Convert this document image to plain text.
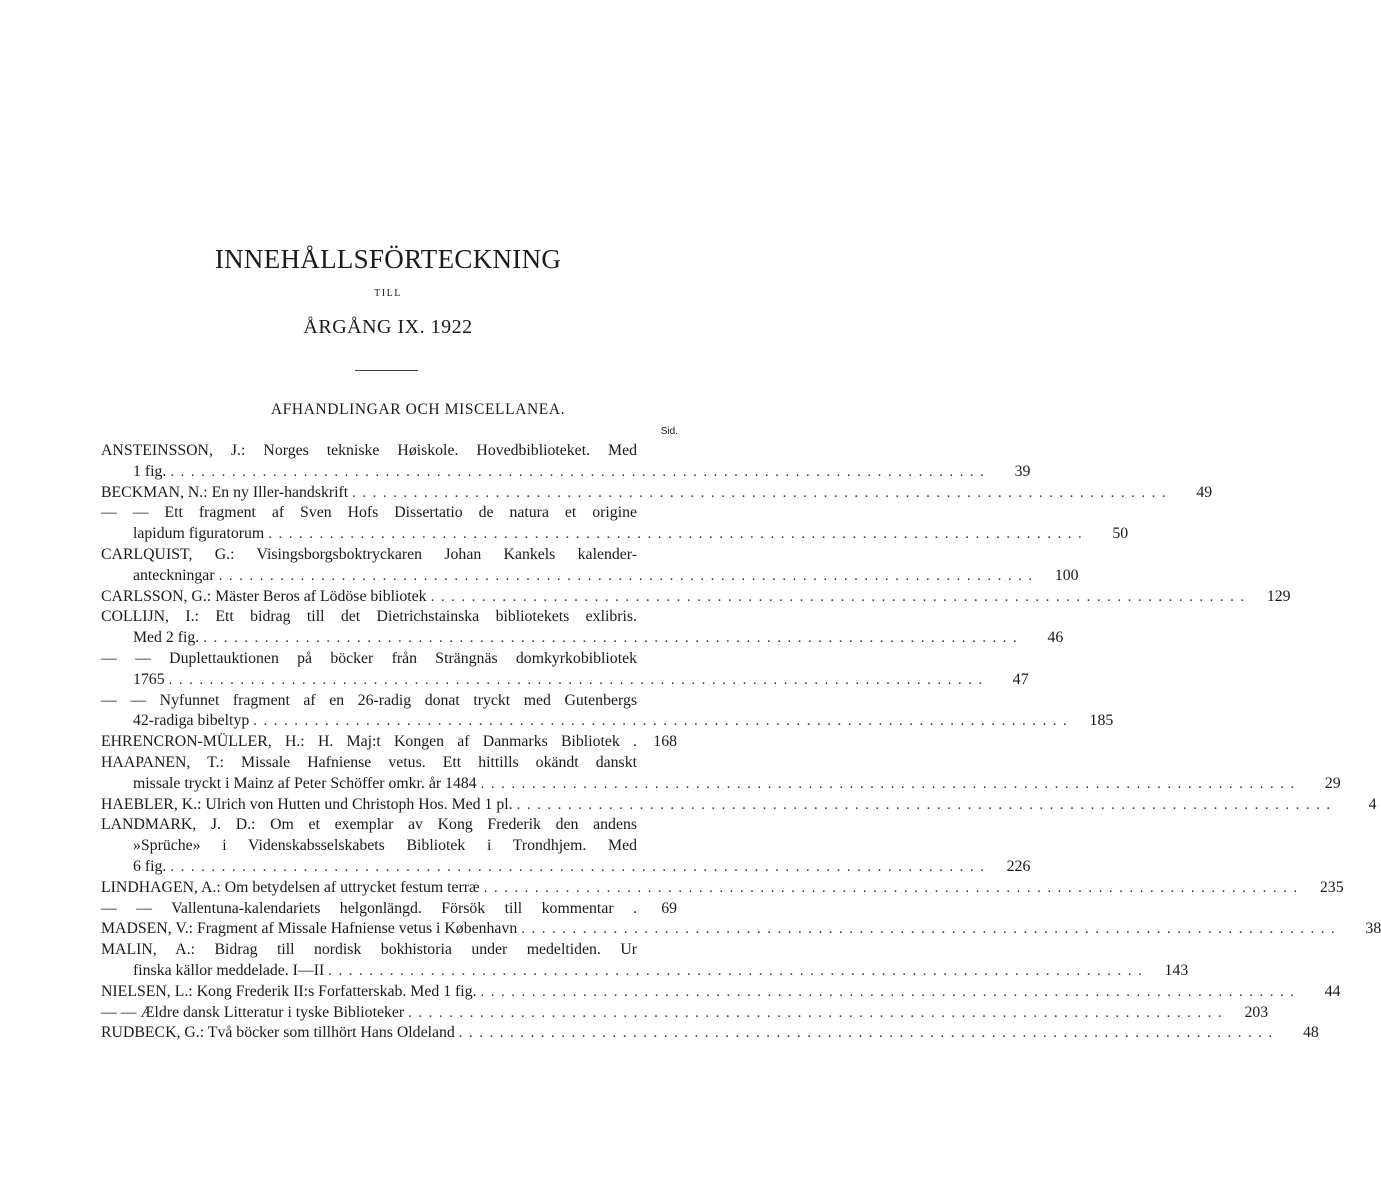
INNEHÅLLSFÖRTECKNING
TILL
ÅRGÅNG IX. 1922
AFHANDLINGAR OCH MISCELLANEA.
Sid.
ANSTEINSSON, J.: Norges tekniske Høiskole. Hovedbiblioteket. Med
1 fig. ................................................................................	39
BECKMAN, N.: En ny Iller-handskrift ................................................................................	49
— — Ett fragment af Sven Hofs Dissertatio de natura et origine
lapidum figuratorum ................................................................................	50
CARLQUIST, G.: Visingsborgsboktryckaren Johan Kankels kalender-
anteckningar ................................................................................	100
CARLSSON, G.: Mäster Beros af Lödöse bibliotek ................................................................................	129
COLLIJN, I.: Ett bidrag till det Dietrichstainska bibliotekets exlibris.
Med 2 fig. ................................................................................	46
— — Duplettauktionen på böcker från Strängnäs domkyrkobibliotek
1765 ................................................................................	47
— — Nyfunnet fragment af en 26-radig donat tryckt med Gutenbergs
42-radiga bibeltyp ................................................................................	185
EHRENCRON-MÜLLER, H.: H. Maj:t Kongen af Danmarks Bibliotek .	168
HAAPANEN, T.: Missale Hafniense vetus. Ett hittills okändt danskt
missale tryckt i Mainz af Peter Schöffer omkr. år 1484 ................................................................................	29
HAEBLER, K.: Ulrich von Hutten und Christoph Hos. Med 1 pl. ................................................................................	4
LANDMARK, J. D.: Om et exemplar av Kong Frederik den andens
»Sprüche» i Videnskabsselskabets Bibliotek i Trondhjem. Med
6 fig. ................................................................................	226
LINDHAGEN, A.: Om betydelsen af uttrycket festum terræ ................................................................................	235
— — Vallentuna-kalendariets helgonlängd. Försök till kommentar .	69
MADSEN, V.: Fragment af Missale Hafniense vetus i København ................................................................................	38
MALIN, A.: Bidrag till nordisk bokhistoria under medeltiden. Ur
finska källor meddelade. I—II ................................................................................	143
NIELSEN, L.: Kong Frederik II:s Forfatterskab. Med 1 fig. ................................................................................	44
— — Ældre dansk Litteratur i tyske Biblioteker ................................................................................	203
RUDBECK, G.: Två böcker som tillhört Hans Oldeland ................................................................................	48
